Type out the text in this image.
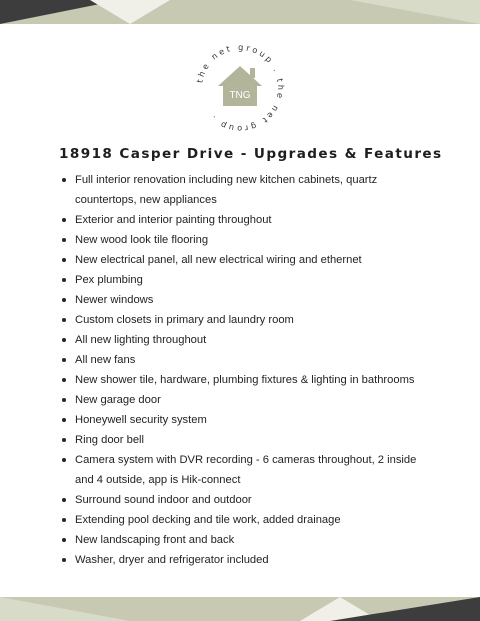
the net group . the net group .
TNG
18918 Casper Drive - Upgrades & Features
Full interior renovation including new kitchen cabinets, quartz countertops, new appliances
Exterior and interior painting throughout
New wood look tile flooring
New electrical panel, all new electrical wiring and ethernet
Pex plumbing
Newer windows
Custom closets in primary and laundry room
All new lighting throughout
All new fans
New shower tile, hardware, plumbing fixtures & lighting in bathrooms
New garage door
Honeywell security system
Ring door bell
Camera system with DVR recording - 6 cameras throughout, 2 inside and 4 outside, app is Hik-connect
Surround sound indoor and outdoor
Extending pool decking and tile work, added drainage
New landscaping front and back
Washer, dryer and refrigerator included
